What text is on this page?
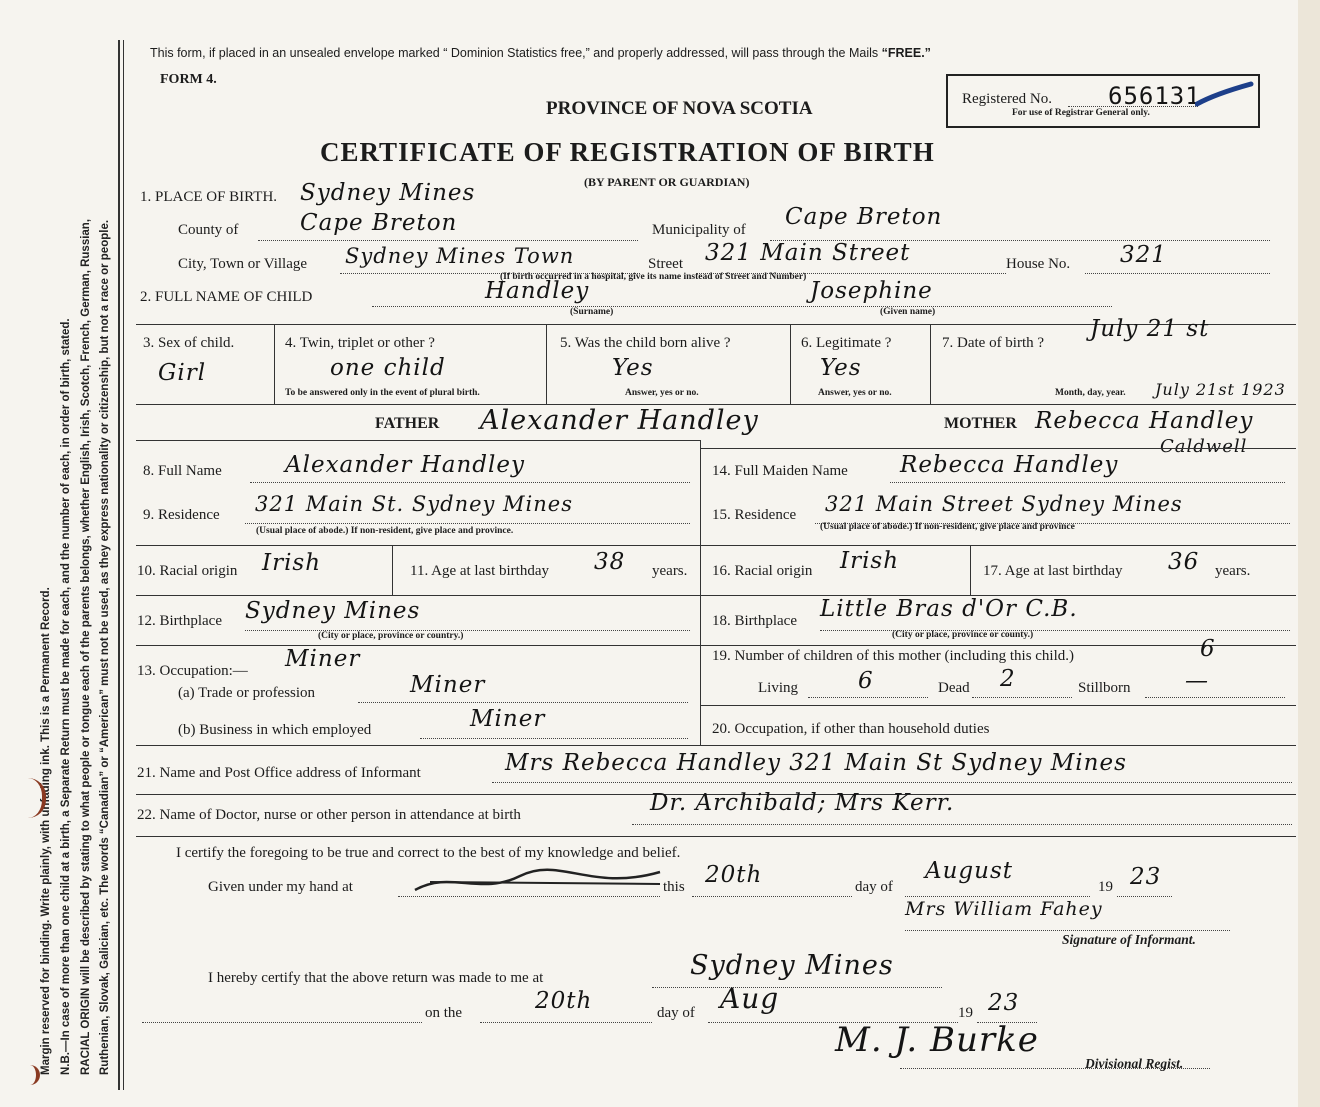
Margin reserved for binding. Write plainly, with unfading ink. This is a Permanent Record. N.B.—In case of more than one child at a birth, a Separate Return must be made for each, and the number of each, in order of birth, stated. RACIAL ORIGIN will be described by stating to what people or tongue each of the parents belongs, whether English, Irish, Scotch, French, German, Russian, Ruthenian, Slovak, Galician, etc. The words “Canadian” or “American” must not be used, as they express nationality or citizenship, but not a race or people.
This form, if placed in an unsealed envelope marked “ Dominion Statistics free,” and properly addressed, will pass through the Mails “FREE.”
FORM 4.
PROVINCE OF NOVA SCOTIA
CERTIFICATE OF REGISTRATION OF BIRTH
(BY PARENT OR GUARDIAN)
Registered No. 656131
For use of Registrar General only.
1. PLACE OF BIRTH. Sydney Mines
County of	Cape Breton	Municipality of Cape Breton
City, Town or Village Sydney Mines Town	Street 321 Main Street	House No. 321
(If birth occurred in a hospital, give its name instead of Street and Number)
2. FULL NAME OF CHILD	Handley	Josephine
(Surname)	(Given name)
3. Sex of child.
Girl
4. Twin, triplet or other ?
one child
To be answered only in the event of plural birth.
5. Was the child born alive ?
Yes
Answer, yes or no.
6. Legitimate ?
Yes
Answer, yes or no.
7. Date of birth ?
July 21 st
Month, day, year. July 21st 1923
FATHER Alexander Handley	MOTHER Rebecca Handley
Caldwell
8. Full Name	Alexander Handley
9. Residence 321 Main St. Sydney Mines
(Usual place of abode.) If non-resident, give place and province.
10. Racial origin Irish	11. Age at last birthday 38 years.
12. Birthplace Sydney Mines
(City or place, province or country.)
13. Occupation:— Miner
(a) Trade or profession	Miner
(b) Business in which employed	Miner
14. Full Maiden Name Rebecca Handley
15. Residence 321 Main Street Sydney Mines
(Usual place of abode.) If non-resident, give place and province
16. Racial origin Irish	17. Age at last birthday 36 years.
18. Birthplace Little Bras d'Or C.B.
(City or place, province or county.)
19. Number of children of this mother (including this child.)	6
Living	6	Dead 2	Stillborn —
20. Occupation, if other than household duties
21. Name and Post Office address of Informant	Mrs Rebecca Handley 321 Main St Sydney Mines
22. Name of Doctor, nurse or other person in attendance at birth	Dr. Archibald; Mrs Kerr.
I certify the foregoing to be true and correct to the best of my knowledge and belief.
Given under my hand at	this 20th	day of
August
19 23
Mrs William Fahey
Signature of Informant.
I hereby certify that the above return was made to me at	Sydney Mines
on the	20th	day of Aug	19 23
M. J. Burke
Divisional Regist.
